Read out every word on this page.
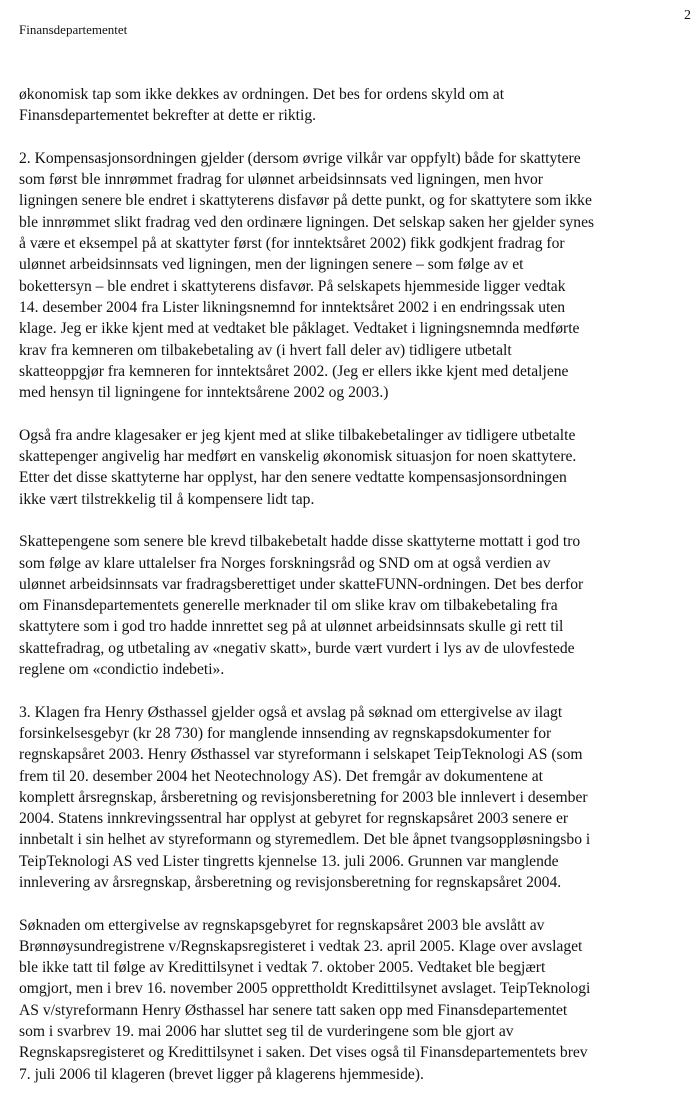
Finansdepartementet
2

økonomisk tap som ikke dekkes av ordningen. Det bes for ordens skyld om at
Finansdepartementet bekrefter at dette er riktig.

2. Kompensasjonsordningen gjelder (dersom øvrige vilkår var oppfylt) både for skattytere
som først ble innrømmet fradrag for ulønnet arbeidsinnsats ved ligningen, men hvor
ligningen senere ble endret i skattyterens disfavør på dette punkt, og for skattytere som ikke
ble innrømmet slikt fradrag ved den ordinære ligningen. Det selskap saken her gjelder synes
å være et eksempel på at skattyter først (for inntektsåret 2002) fikk godkjent fradrag for
ulønnet arbeidsinnsats ved ligningen, men der ligningen senere – som følge av et
bokettersyn – ble endret i skattyterens disfavør. På selskapets hjemmeside ligger vedtak
14. desember 2004 fra Lister likningsnemnd for inntektsåret 2002 i en endringssak uten
klage. Jeg er ikke kjent med at vedtaket ble påklaget. Vedtaket i ligningsnemnda medførte
krav fra kemneren om tilbakebetaling av (i hvert fall deler av) tidligere utbetalt
skatteoppgjør fra kemneren for inntektsåret 2002. (Jeg er ellers ikke kjent med detaljene
med hensyn til ligningene for inntektsårene 2002 og 2003.)

Også fra andre klagesaker er jeg kjent med at slike tilbakebetalinger av tidligere utbetalte
skattepenger angivelig har medført en vanskelig økonomisk situasjon for noen skattytere.
Etter det disse skattyterne har opplyst, har den senere vedtatte kompensasjonsordningen
ikke vært tilstrekkelig til å kompensere lidt tap.

Skattepengene som senere ble krevd tilbakebetalt hadde disse skattyterne mottatt i god tro
som følge av klare uttalelser fra Norges forskningsråd og SND om at også verdien av
ulønnet arbeidsinnsats var fradragsberettiget under skatteFUNN-ordningen. Det bes derfor
om Finansdepartementets generelle merknader til om slike krav om tilbakebetaling fra
skattytere som i god tro hadde innrettet seg på at ulønnet arbeidsinnsats skulle gi rett til
skattefradrag, og utbetaling av «negativ skatt», burde vært vurdert i lys av de ulovfestede
reglene om «condictio indebeti».

3. Klagen fra Henry Østhassel gjelder også et avslag på søknad om ettergivelse av ilagt
forsinkelsesgebyr (kr 28 730) for manglende innsending av regnskapsdokumenter for
regnskapsåret 2003. Henry Østhassel var styreformann i selskapet TeipTeknologi AS (som
frem til 20. desember 2004 het Neotechnology AS). Det fremgår av dokumentene at
komplett årsregnskap, årsberetning og revisjonsberetning for 2003 ble innlevert i desember
2004. Statens innkrevingssentral har opplyst at gebyret for regnskapsåret 2003 senere er
innbetalt i sin helhet av styreformann og styremedlem. Det ble åpnet tvangsoppløsningsbo i
TeipTeknologi AS ved Lister tingretts kjennelse 13. juli 2006. Grunnen var manglende
innlevering av årsregnskap, årsberetning og revisjonsberetning for regnskapsåret 2004.

Søknaden om ettergivelse av regnskapsgebyret for regnskapsåret 2003 ble avslått av
Brønnøysundregistrene v/Regnskapsregisteret i vedtak 23. april 2005. Klage over avslaget
ble ikke tatt til følge av Kredittilsynet i vedtak 7. oktober 2005. Vedtaket ble begjært
omgjort, men i brev 16. november 2005 opprettholdt Kredittilsynet avslaget. TeipTeknologi
AS v/styreformann Henry Østhassel har senere tatt saken opp med Finansdepartementet
som i svarbrev 19. mai 2006 har sluttet seg til de vurderingene som ble gjort av
Regnskapsregisteret og Kredittilsynet i saken. Det vises også til Finansdepartementets brev
7. juli 2006 til klageren (brevet ligger på klagerens hjemmeside).
